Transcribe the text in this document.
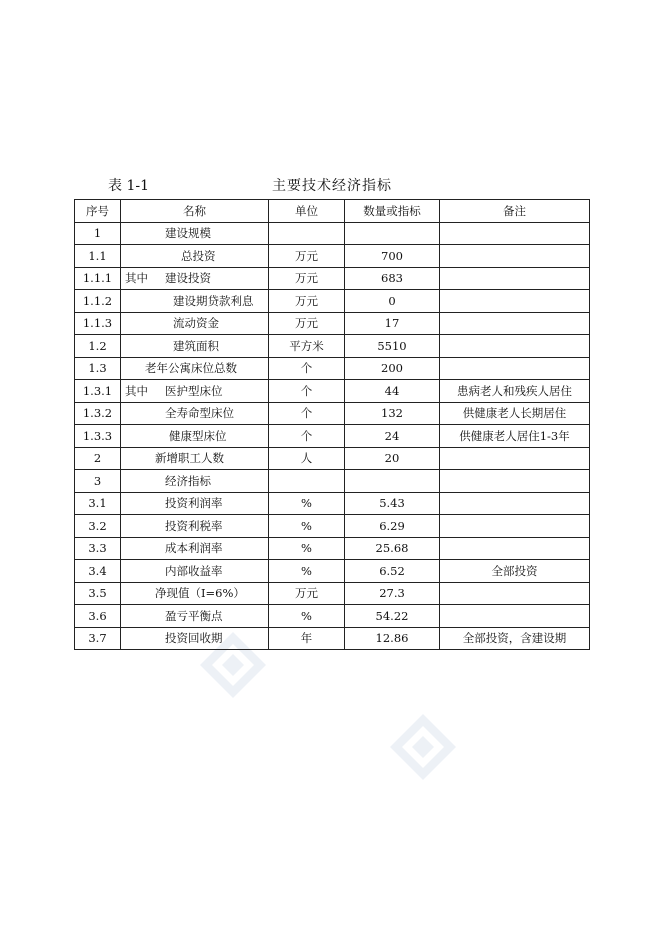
表 1-1	主要技术经济指标
序号	名称	单位	数量或指标	备注
1	建设规模			
1.1	总投资	万元	700	
1.1.1	其中 建设投资	万元	683	
1.1.2	建设期贷款利息	万元	0	
1.1.3	流动资金	万元	17	
1.2	建筑面积	平方米	5510	
1.3	老年公寓床位总数	个	200	
1.3.1	其中 医护型床位	个	44	患病老人和残疾人居住
1.3.2	全寿命型床位	个	132	供健康老人长期居住
1.3.3	健康型床位	个	24	供健康老人居住1-3年
2	新增职工人数	人	20	
3	经济指标			
3.1	投资利润率	%	5.43	
3.2	投资利税率	%	6.29	
3.3	成本利润率	%	25.68	
3.4	内部收益率	%	6.52	全部投资
3.5	净现值（I=6%）	万元	27.3	
3.6	盈亏平衡点	%	54.22	
3.7	投资回收期	年	12.86	全部投资，含建设期
